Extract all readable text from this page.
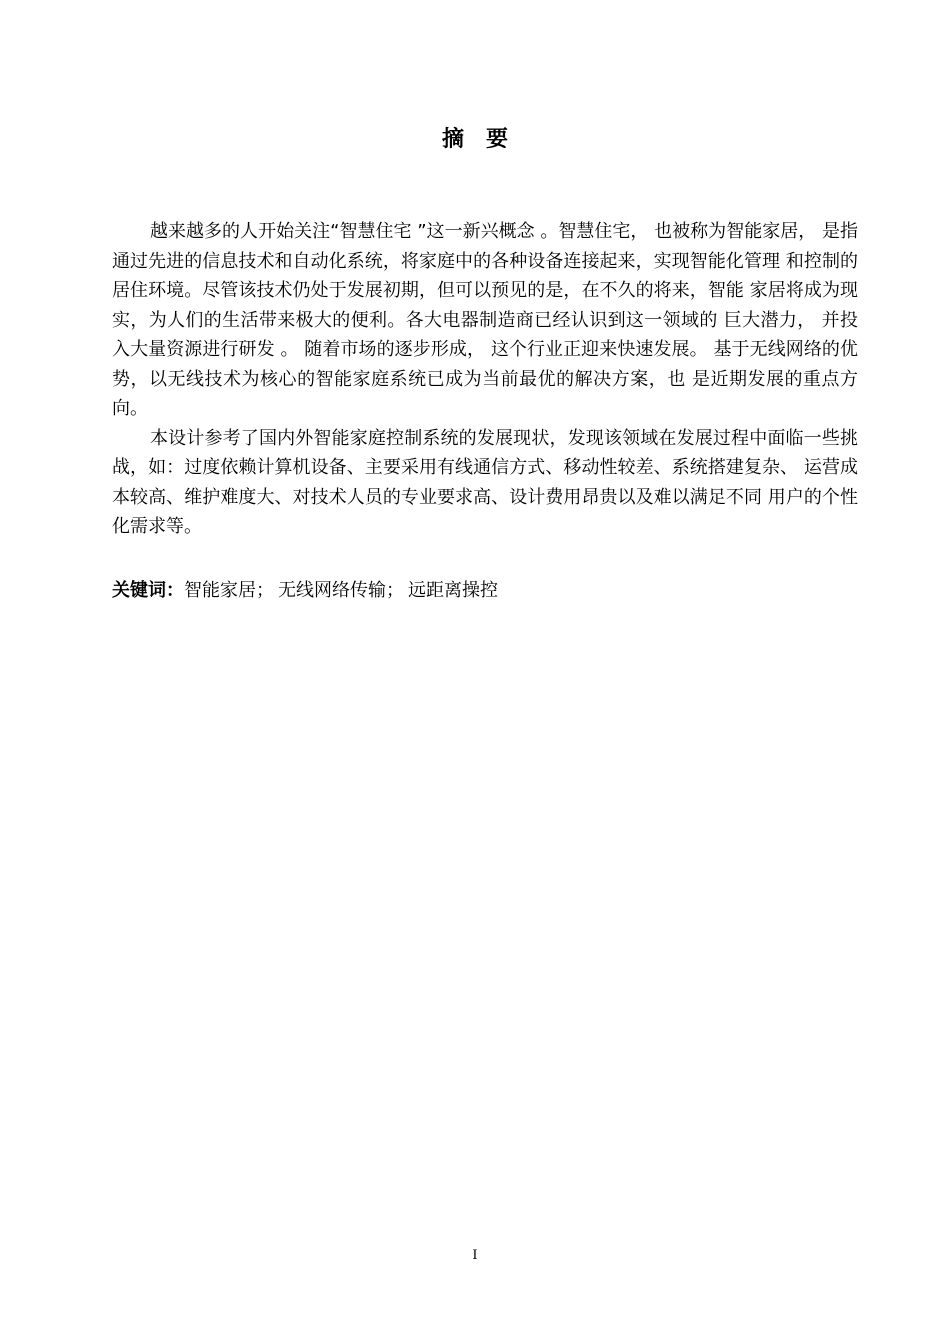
摘　要

越来越多的人开始关注“智慧住宅 ”这一新兴概念 。智慧住宅， 也被称为智能家居， 是指通过先进的信息技术和自动化系统，将家庭中的各种设备连接起来，实现智能化管理 和控制的居住环境。尽管该技术仍处于发展初期，但可以预见的是，在不久的将来，智能 家居将成为现实，为人们的生活带来极大的便利。各大电器制造商已经认识到这一领域的 巨大潜力， 并投入大量资源进行研发 。 随着市场的逐步形成， 这个行业正迎来快速发展。 基于无线网络的优势，以无线技术为核心的智能家庭系统已成为当前最优的解决方案，也 是近期发展的重点方向。

本设计参考了国内外智能家庭控制系统的发展现状，发现该领域在发展过程中面临一些挑战，如：过度依赖计算机设备、主要采用有线通信方式、移动性较差、系统搭建复杂、 运营成本较高、维护难度大、对技术人员的专业要求高、设计费用昂贵以及难以满足不同 用户的个性化需求等。

关键词：智能家居； 无线网络传输； 远距离操控

I
